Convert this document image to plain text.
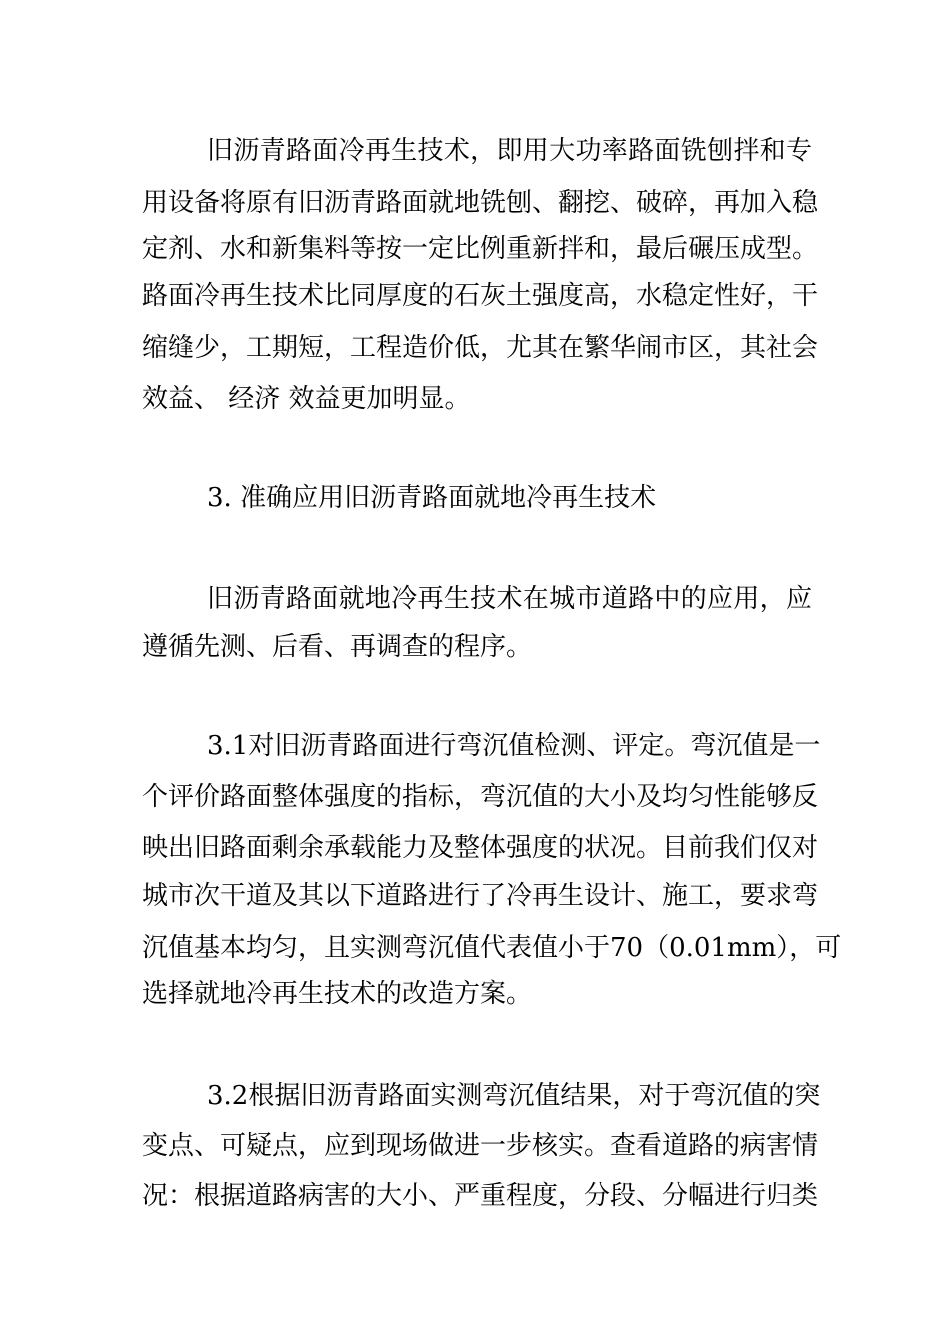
旧沥青路面冷再生技术，即用大功率路面铣刨拌和专
用设备将原有旧沥青路面就地铣刨、翻挖、破碎，再加入稳
定剂、水和新集料等按一定比例重新拌和，最后碾压成型。
路面冷再生技术比同厚度的石灰土强度高，水稳定性好，干
缩缝少，工期短，工程造价低，尤其在繁华闹市区，其社会
效益、 经济 效益更加明显。
3. 准确应用旧沥青路面就地冷再生技术
旧沥青路面就地冷再生技术在城市道路中的应用，应
遵循先测、后看、再调查的程序。
3.1对旧沥青路面进行弯沉值检测、评定。弯沉值是一
个评价路面整体强度的指标，弯沉值的大小及均匀性能够反
映出旧路面剩余承载能力及整体强度的状况。目前我们仅对
城市次干道及其以下道路进行了冷再生设计、施工，要求弯
沉值基本均匀，且实测弯沉值代表值小于70（0.01mm），可
选择就地冷再生技术的改造方案。
3.2根据旧沥青路面实测弯沉值结果，对于弯沉值的突
变点、可疑点，应到现场做进一步核实。查看道路的病害情
况：根据道路病害的大小、严重程度，分段、分幅进行归类
